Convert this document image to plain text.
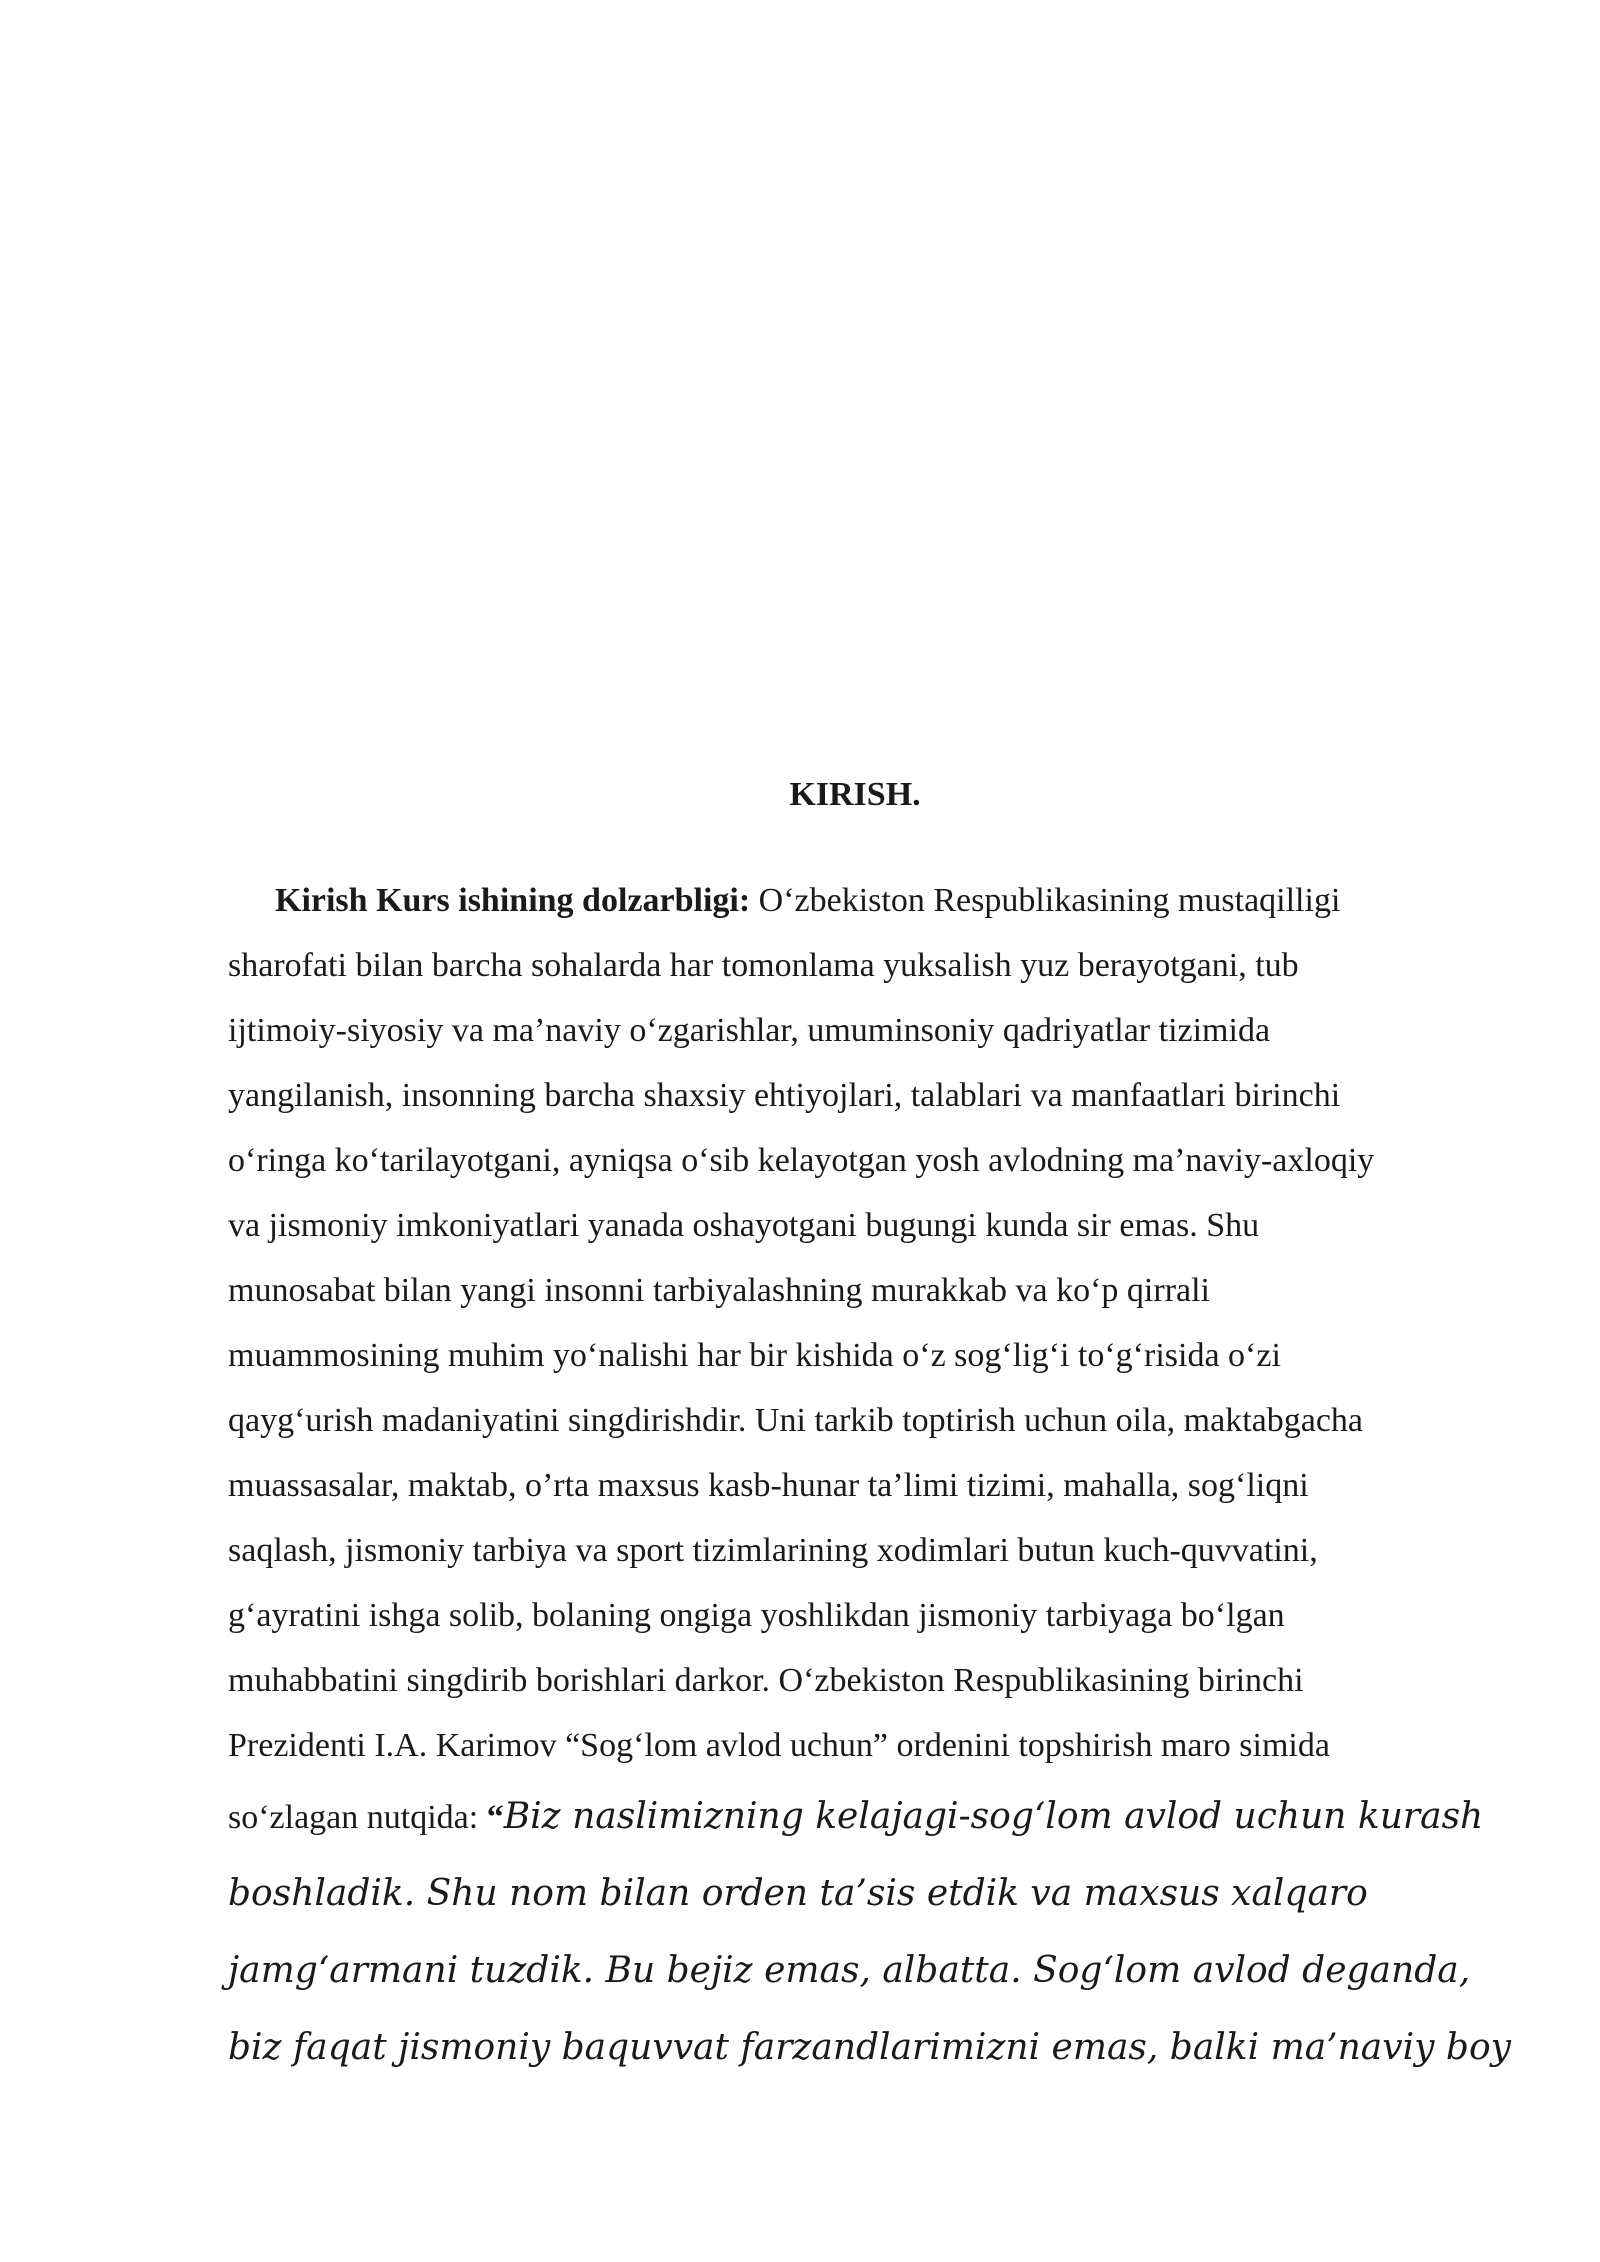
KIRISH.
Kirish Kurs ishining dolzarbligi: O‘zbekiston Respublikasining mustaqilligi
sharofati bilan barcha sohalarda har tomonlama yuksalish yuz berayotgani, tub
ijtimoiy-siyosiy va ma’naviy o‘zgarishlar, umuminsoniy qadriyatlar tizimida
yangilanish, insonning barcha shaxsiy ehtiyojlari, talablari va manfaatlari birinchi
o‘ringa ko‘tarilayotgani, ayniqsa o‘sib kelayotgan yosh avlodning ma’naviy-axloqiy
va jismoniy imkoniyatlari yanada oshayotgani bugungi kunda sir emas. Shu
munosabat bilan yangi insonni tarbiyalashning murakkab va ko‘p qirrali
muammosining muhim yo‘nalishi har bir kishida o‘z sog‘lig‘i to‘g‘risida o‘zi
qayg‘urish madaniyatini singdirishdir. Uni tarkib toptirish uchun oila, maktabgacha
muassasalar, maktab, o’rta maxsus kasb-hunar ta’limi tizimi, mahalla, sog‘liqni
saqlash, jismoniy tarbiya va sport tizimlarining xodimlari butun kuch-quvvatini,
g‘ayratini ishga solib, bolaning ongiga yoshlikdan jismoniy tarbiyaga bo‘lgan
muhabbatini singdirib borishlari darkor. O‘zbekiston Respublikasining birinchi
Prezidenti I.A. Karimov “Sog‘lom avlod uchun” ordenini topshirish maro simida
so‘zlagan nutqida: “Biz naslimizning kelajagi-sog‘lom avlod uchun kurash
boshladik. Shu nom bilan orden ta’sis etdik va maxsus xalqaro
jamg‘armani tuzdik. Bu bejiz emas, albatta. Sog‘lom avlod deganda,
biz faqat jismoniy baquvvat farzandlarimizni emas, balki ma’naviy boy
